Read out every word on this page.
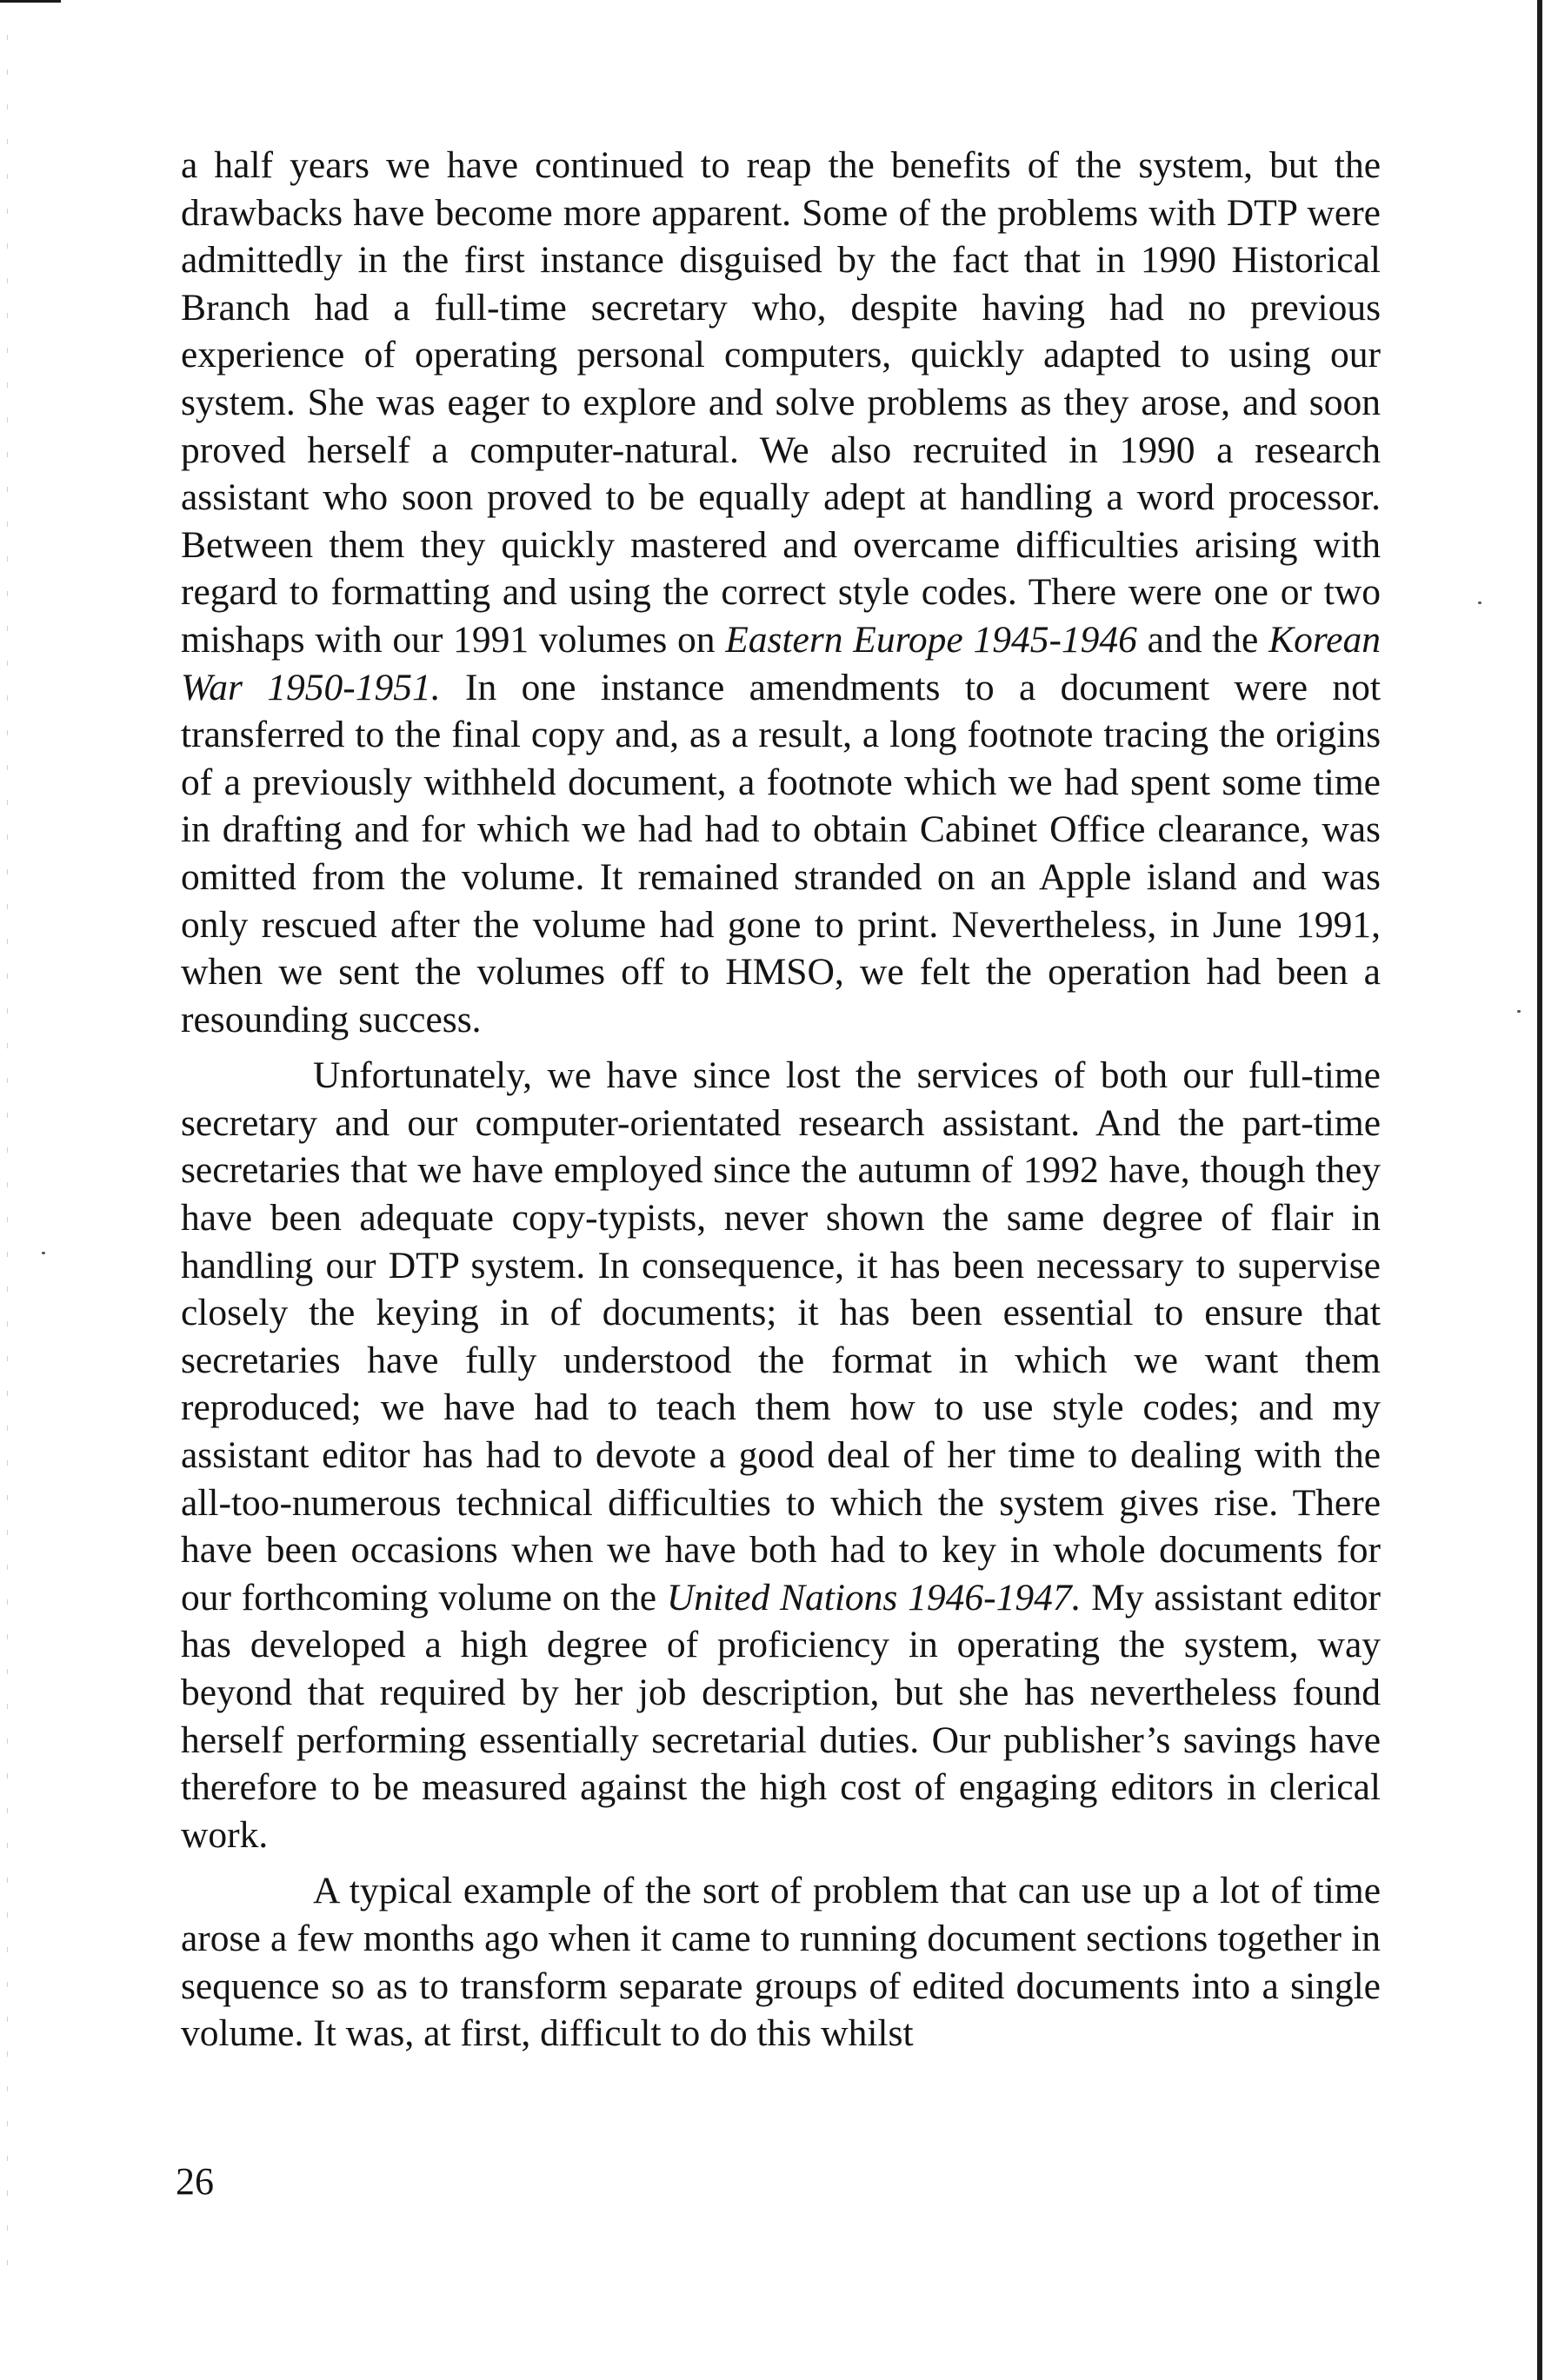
a half years we have continued to reap the benefits of the system, but the drawbacks have become more apparent. Some of the problems with DTP were admittedly in the first instance disguised by the fact that in 1990 Historical Branch had a full-time secretary who, despite having had no previous experience of operating personal computers, quickly adapted to using our system. She was eager to explore and solve problems as they arose, and soon proved herself a computer-natural. We also recruited in 1990 a research assistant who soon proved to be equally adept at handling a word processor. Between them they quickly mastered and overcame difficulties arising with regard to formatting and using the correct style codes. There were one or two mishaps with our 1991 volumes on Eastern Europe 1945-1946 and the Korean War 1950-1951. In one instance amendments to a document were not transferred to the final copy and, as a result, a long footnote tracing the origins of a previously withheld document, a footnote which we had spent some time in drafting and for which we had had to obtain Cabinet Office clearance, was omitted from the volume. It remained stranded on an Apple island and was only rescued after the volume had gone to print. Nevertheless, in June 1991, when we sent the volumes off to HMSO, we felt the operation had been a resounding success.

Unfortunately, we have since lost the services of both our full-time secretary and our computer-orientated research assistant. And the part-time secretaries that we have employed since the autumn of 1992 have, though they have been adequate copy-typists, never shown the same degree of flair in handling our DTP system. In consequence, it has been necessary to supervise closely the keying in of documents; it has been essential to ensure that secretaries have fully understood the format in which we want them reproduced; we have had to teach them how to use style codes; and my assistant editor has had to devote a good deal of her time to dealing with the all-too-numerous technical difficulties to which the system gives rise. There have been occasions when we have both had to key in whole documents for our forthcoming volume on the United Nations 1946-1947. My assistant editor has developed a high degree of proficiency in operating the system, way beyond that required by her job description, but she has nevertheless found herself performing essentially secretarial duties. Our publisher’s savings have therefore to be measured against the high cost of engaging editors in clerical work.

A typical example of the sort of problem that can use up a lot of time arose a few months ago when it came to running document sections together in sequence so as to transform separate groups of edited documents into a single volume. It was, at first, difficult to do this whilst

26
